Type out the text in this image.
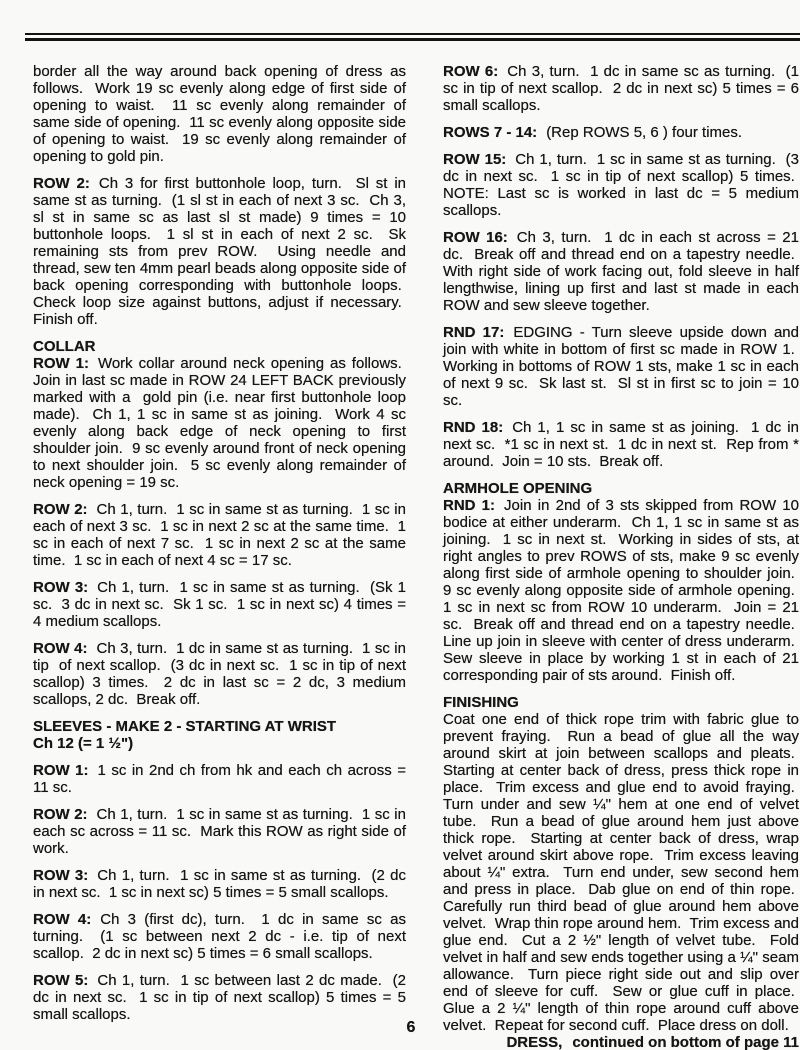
border all the way around back opening of dress as follows.  Work 19 sc evenly along edge of first side of opening to waist.  11 sc evenly along remainder of same side of opening.  11 sc evenly along opposite side of opening to waist.  19 sc evenly along remainder of opening to gold pin.
ROW 2: Ch 3 for first buttonhole loop, turn.  Sl st in same st as turning.  (1 sl st in each of next 3 sc.  Ch 3, sl st in same sc as last sl st made) 9 times = 10 buttonhole loops.  1 sl st in each of next 2 sc.  Sk remaining sts from prev ROW.  Using needle and thread, sew ten 4mm pearl beads along opposite side of back opening corresponding with buttonhole loops.  Check loop size against buttons, adjust if necessary.  Finish off.
COLLAR
ROW 1: Work collar around neck opening as follows.  Join in last sc made in ROW 24 LEFT BACK previously marked with a  gold pin (i.e. near first buttonhole loop made).  Ch 1, 1 sc in same st as joining.  Work 4 sc evenly along back edge of neck opening to first shoulder join.  9 sc evenly around front of neck opening to next shoulder join.  5 sc evenly along remainder of neck opening = 19 sc.
ROW 2: Ch 1, turn.  1 sc in same st as turning.  1 sc in each of next 3 sc.  1 sc in next 2 sc at the same time.  1 sc in each of next 7 sc.  1 sc in next 2 sc at the same time.  1 sc in each of next 4 sc = 17 sc.
ROW 3: Ch 1, turn.  1 sc in same st as turning.  (Sk 1 sc.  3 dc in next sc.  Sk 1 sc.  1 sc in next sc) 4 times = 4 medium scallops.
ROW 4: Ch 3, turn.  1 dc in same st as turning.  1 sc in tip  of next scallop.  (3 dc in next sc.  1 sc in tip of next scallop) 3 times.  2 dc in last sc = 2 dc, 3 medium scallops, 2 dc.  Break off.
SLEEVES - MAKE 2 - STARTING AT WRIST
Ch 12 (= 1 ½")
ROW 1: 1 sc in 2nd ch from hk and each ch across = 11 sc.
ROW 2: Ch 1, turn.  1 sc in same st as turning.  1 sc in each sc across = 11 sc.  Mark this ROW as right side of work.
ROW 3: Ch 1, turn.  1 sc in same st as turning.  (2 dc in next sc.  1 sc in next sc) 5 times = 5 small scallops.
ROW 4: Ch 3 (first dc), turn.  1 dc in same sc as turning.  (1 sc between next 2 dc - i.e. tip of next scallop.  2 dc in next sc) 5 times = 6 small scallops.
ROW 5: Ch 1, turn.  1 sc between last 2 dc made.  (2 dc in next sc.  1 sc in tip of next scallop) 5 times = 5 small scallops.
ROW 6: Ch 3, turn.  1 dc in same sc as turning.  (1 sc in tip of next scallop.  2 dc in next sc) 5 times = 6 small scallops.
ROWS 7 - 14: (Rep ROWS 5, 6 ) four times.
ROW 15: Ch 1, turn.  1 sc in same st as turning.  (3 dc in next sc.  1 sc in tip of next scallop) 5 times.  NOTE: Last sc is worked in last dc = 5 medium scallops.
ROW 16: Ch 3, turn.  1 dc in each st across = 21 dc.  Break off and thread end on a tapestry needle.  With right side of work facing out, fold sleeve in half lengthwise, lining up first and last st made in each ROW and sew sleeve together.
RND 17: EDGING - Turn sleeve upside down and join with white in bottom of first sc made in ROW 1.  Working in bottoms of ROW 1 sts, make 1 sc in each of next 9 sc.  Sk last st.  Sl st in first sc to join = 10 sc.
RND 18: Ch 1, 1 sc in same st as joining.  1 dc in next sc.  *1 sc in next st.  1 dc in next st.  Rep from * around.  Join = 10 sts.  Break off.
ARMHOLE OPENING
RND 1: Join in 2nd of 3 sts skipped from ROW 10 bodice at either underarm.  Ch 1, 1 sc in same st as joining.  1 sc in next st.  Working in sides of sts, at right angles to prev ROWS of sts, make 9 sc evenly along first side of armhole opening to shoulder join.  9 sc evenly along opposite side of armhole opening.  1 sc in next sc from ROW 10 underarm.  Join = 21 sc.  Break off and thread end on a tapestry needle.  Line up join in sleeve with center of dress underarm.  Sew sleeve in place by working 1 st in each of 21 corresponding pair of sts around.  Finish off.
FINISHING
Coat one end of thick rope trim with fabric glue to prevent fraying.  Run a bead of glue all the way around skirt at join between scallops and pleats.  Starting at center back of dress, press thick rope in place.  Trim excess and glue end to avoid fraying.  Turn under and sew ¼" hem at one end of velvet tube.  Run a bead of glue around hem just above thick rope.  Starting at center back of dress, wrap velvet around skirt above rope.  Trim excess leaving about ¼" extra.  Turn end under, sew second hem and press in place.  Dab glue on end of thin rope.  Carefully run third bead of glue around hem above velvet.  Wrap thin rope around hem.  Trim excess and glue end.  Cut a 2 ½" length of velvet tube.  Fold velvet in half and sew ends together using a ¼" seam allowance.  Turn piece right side out and slip over end of sleeve for cuff.  Sew or glue cuff in place.  Glue a 2 ¼" length of thin rope around cuff above velvet.  Repeat for second cuff.  Place dress on doll.
DRESS, continued on bottom of page 11
6
